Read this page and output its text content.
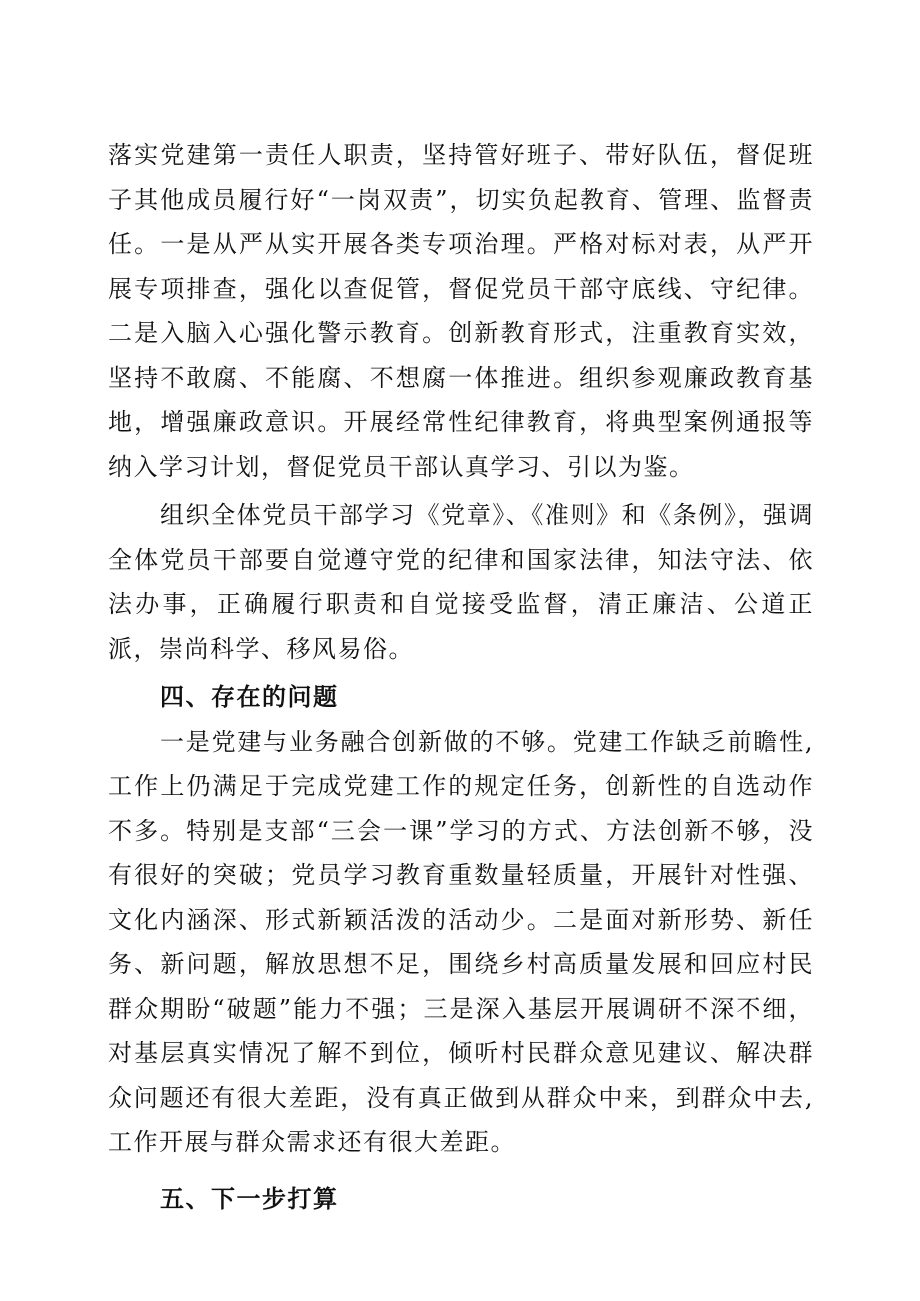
落实党建第一责任人职责，坚持管好班子、带好队伍，督促班子其他成员履行好“一岗双责”，切实负起教育、管理、监督责任。一是从严从实开展各类专项治理。严格对标对表，从严开展专项排查，强化以查促管，督促党员干部守底线、守纪律。二是入脑入心强化警示教育。创新教育形式，注重教育实效，坚持不敢腐、不能腐、不想腐一体推进。组织参观廉政教育基地，增强廉政意识。开展经常性纪律教育，将典型案例通报等纳入学习计划，督促党员干部认真学习、引以为鉴。

组织全体党员干部学习《党章》、《准则》和《条例》，强调全体党员干部要自觉遵守党的纪律和国家法律，知法守法、依法办事，正确履行职责和自觉接受监督，清正廉洁、公道正派，崇尚科学、移风易俗。

四、存在的问题

一是党建与业务融合创新做的不够。党建工作缺乏前瞻性,工作上仍满足于完成党建工作的规定任务，创新性的自选动作不多。特别是支部“三会一课”学习的方式、方法创新不够，没有很好的突破；党员学习教育重数量轻质量，开展针对性强、文化内涵深、形式新颖活泼的活动少。二是面对新形势、新任务、新问题，解放思想不足，围绕乡村高质量发展和回应村民群众期盼“破题”能力不强；三是深入基层开展调研不深不细，对基层真实情况了解不到位，倾听村民群众意见建议、解决群众问题还有很大差距，没有真正做到从群众中来，到群众中去,工作开展与群众需求还有很大差距。

五、下一步打算
